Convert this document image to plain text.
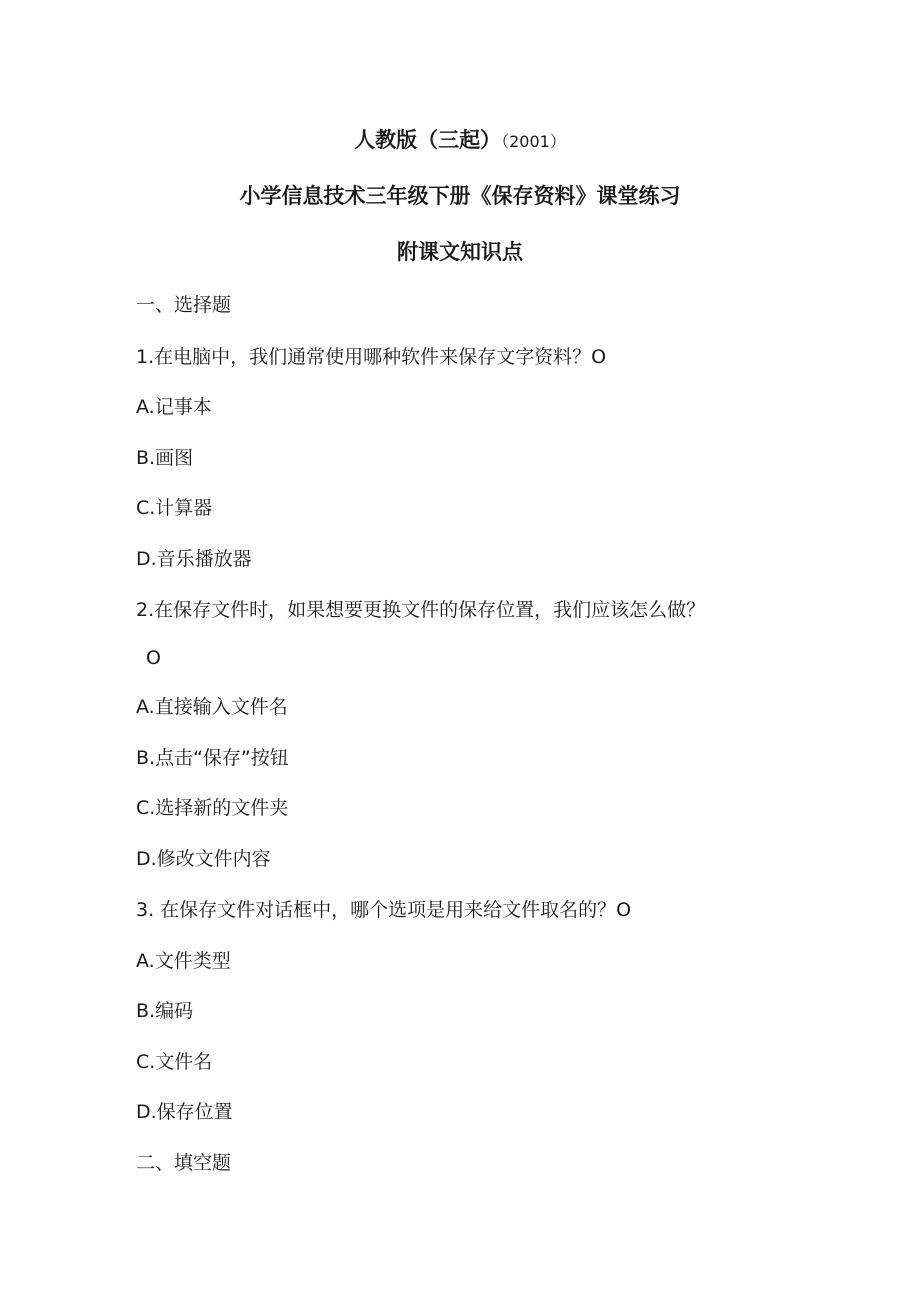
人教版（三起）（2001）
小学信息技术三年级下册《保存资料》课堂练习
附课文知识点
一、选择题
1.在电脑中，我们通常使用哪种软件来保存文字资料？O
A.记事本
B.画图
C.计算器
D.音乐播放器
2.在保存文件时，如果想要更换文件的保存位置，我们应该怎么做？
O
A.直接输入文件名
B.点击“保存”按钮
C.选择新的文件夹
D.修改文件内容
3. 在保存文件对话框中，哪个选项是用来给文件取名的？O
A.文件类型
B.编码
C.文件名
D.保存位置
二、填空题
